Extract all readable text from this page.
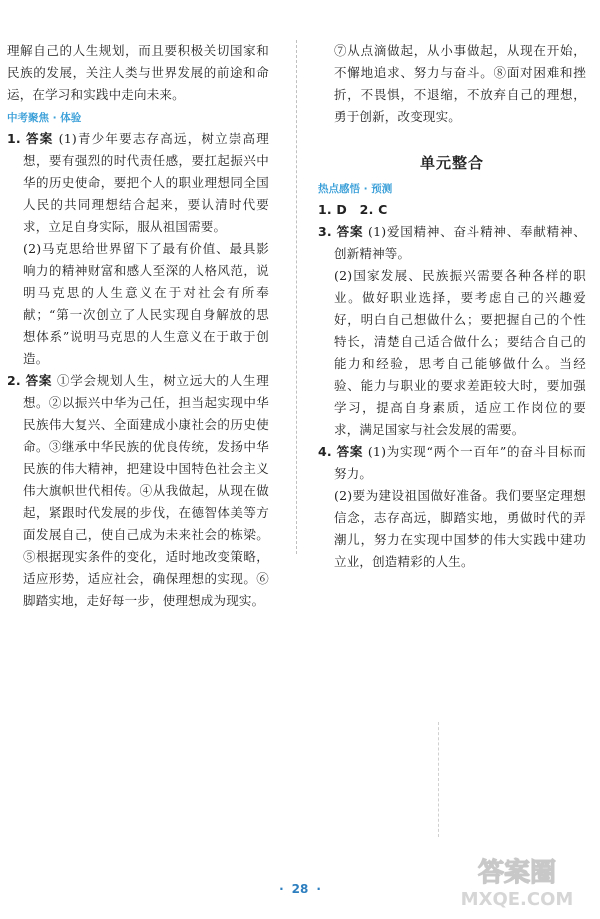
理解自己的人生规划，而且要积极关切国家和民族的发展，关注人类与世界发展的前途和命运，在学习和实践中走向未来。

中考聚焦 · 体验

1. 答案 (1)青少年要志存高远，树立崇高理想，要有强烈的时代责任感，要扛起振兴中华的历史使命，要把个人的职业理想同全国人民的共同理想结合起来，要认清时代要求，立足自身实际，服从祖国需要。

(2)马克思给世界留下了最有价值、最具影响力的精神财富和感人至深的人格风范，说明马克思的人生意义在于对社会有所奉献；“第一次创立了人民实现自身解放的思想体系”说明马克思的人生意义在于敢于创造。

2. 答案 ①学会规划人生，树立远大的人生理想。②以振兴中华为己任，担当起实现中华民族伟大复兴、全面建成小康社会的历史使命。③继承中华民族的优良传统，发扬中华民族的伟大精神，把建设中国特色社会主义伟大旗帜世代相传。④从我做起，从现在做起，紧跟时代发展的步伐，在德智体美等方面发展自己，使自己成为未来社会的栋梁。⑤根据现实条件的变化，适时地改变策略，适应形势，适应社会，确保理想的实现。⑥脚踏实地，走好每一步，使理想成为现实。

⑦从点滴做起，从小事做起，从现在开始，不懈地追求、努力与奋斗。⑧面对困难和挫折，不畏惧，不退缩，不放弃自己的理想，勇于创新，改变现实。

单元整合
热点感悟 · 预测

1. D　2. C

3. 答案 (1)爱国精神、奋斗精神、奉献精神、创新精神等。

(2)国家发展、民族振兴需要各种各样的职业。做好职业选择，要考虑自己的兴趣爱好，明白自己想做什么；要把握自己的个性特长，清楚自己适合做什么；要结合自己的能力和经验，思考自己能够做什么。当经验、能力与职业的要求差距较大时，要加强学习，提高自身素质，适应工作岗位的要求，满足国家与社会发展的需要。

4. 答案 (1)为实现“两个一百年”的奋斗目标而努力。

(2)要为建设祖国做好准备。我们要坚定理想信念，志存高远，脚踏实地，勇做时代的弄潮儿，努力在实现中国梦的伟大实践中建功立业，创造精彩的人生。

· 28 ·
答案圈
MXQE.COM
